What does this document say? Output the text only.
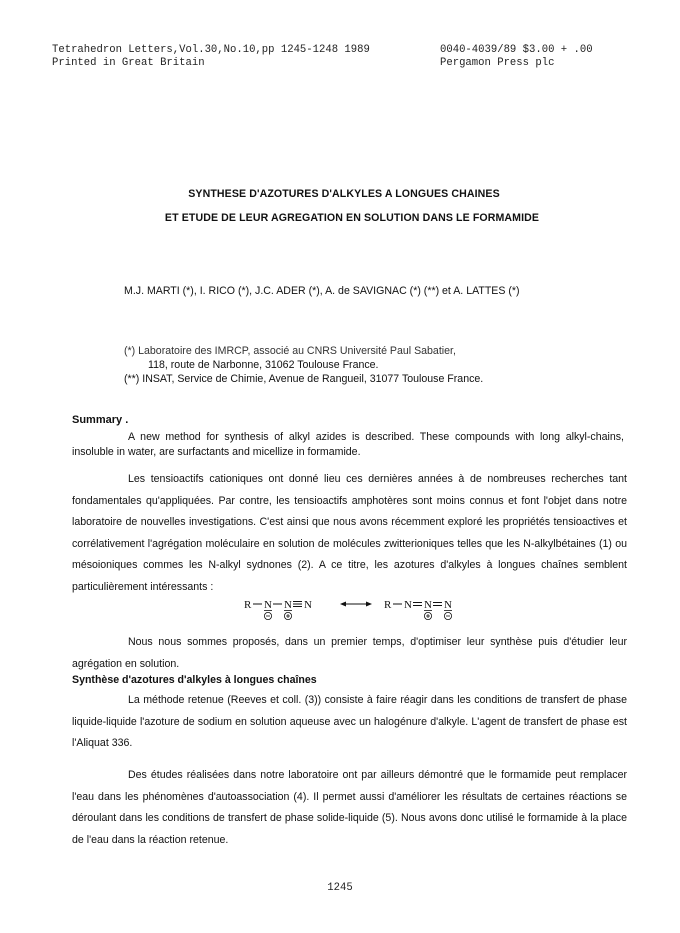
Tetrahedron Letters,Vol.30,No.10,pp 1245-1248 1989
Printed in Great Britain
0040-4039/89 $3.00 + .00
Pergamon Press plc
SYNTHESE D'AZOTURES D'ALKYLES A LONGUES CHAINES
ET ETUDE DE LEUR AGREGATION EN SOLUTION DANS LE FORMAMIDE
M.J. MARTI (*), I. RICO (*), J.C. ADER (*), A. de SAVIGNAC (*) (**) et A. LATTES (*)
(*) Laboratoire des IMRCP, associé au CNRS Université Paul Sabatier,
118, route de Narbonne, 31062 Toulouse France.
(**) INSAT, Service de Chimie, Avenue de Rangueil, 31077 Toulouse France.
Summary .
A new method for synthesis of alkyl azides is described. These compounds with long alkyl-chains, insoluble in water, are surfactants and micellize in formamide.
Les tensioactifs cationiques ont donné lieu ces dernières années à de nombreuses recherches tant fondamentales qu'appliquées. Par contre, les tensioactifs amphotères sont moins connus et font l'objet dans notre laboratoire de nouvelles investigations. C'est ainsi que nous avons récemment exploré les propriétés tensioactives et corrélativement l'agrégation moléculaire en solution de molécules zwitterioniques telles que les N-alkylbétaines (1) ou mésoioniques commes les N-alkyl sydnones (2). A ce titre, les azotures d'alkyles à longues chaînes semblent particulièrement intéressants :
R N N N	R N N N
Nous nous sommes proposés, dans un premier temps, d'optimiser leur synthèse puis d'étudier leur agrégation en solution.
Synthèse d'azotures d'alkyles à longues chaînes
La méthode retenue (Reeves et coll. (3)) consiste à faire réagir dans les conditions de transfert de phase liquide-liquide l'azoture de sodium en solution aqueuse avec un halogénure d'alkyle. L'agent de transfert de phase est l'Aliquat 336.
Des études réalisées dans notre laboratoire ont par ailleurs démontré que le formamide peut remplacer l'eau dans les phénomènes d'autoassociation (4). Il permet aussi d'améliorer les résultats de certaines réactions se déroulant dans les conditions de transfert de phase solide-liquide (5). Nous avons donc utilisé le formamide à la place de l'eau dans la réaction retenue.
1245
